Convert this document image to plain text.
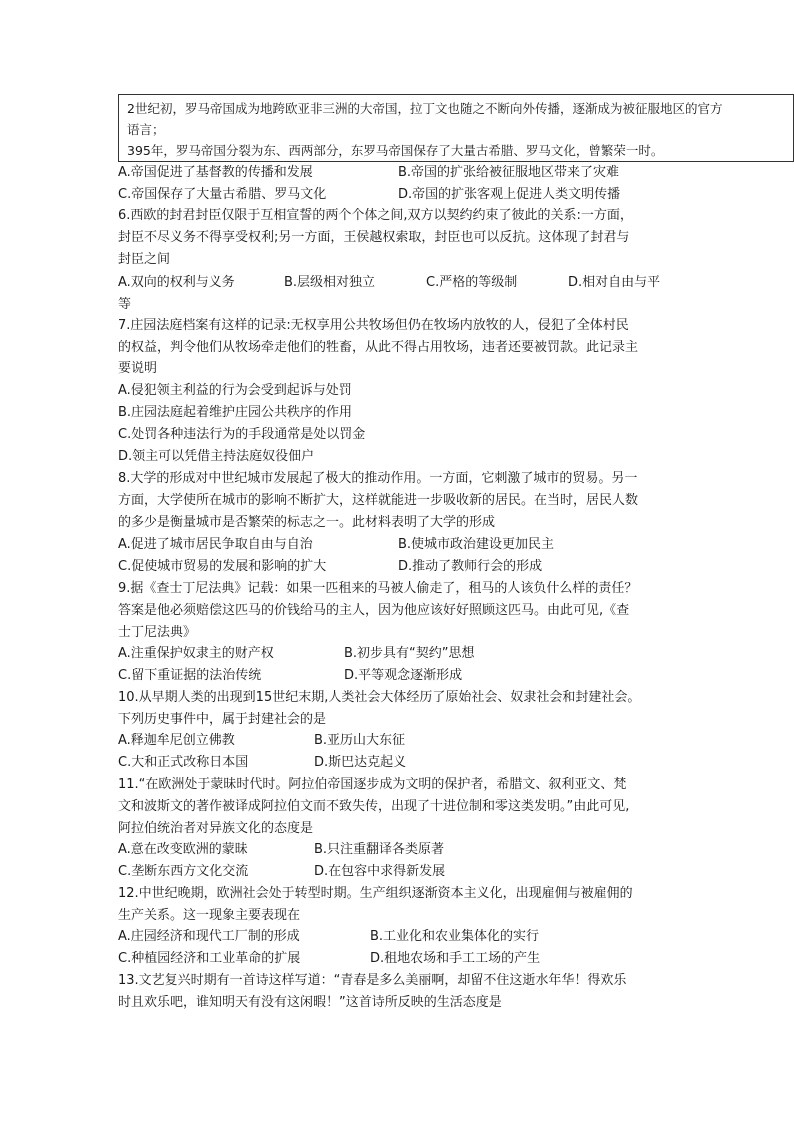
2世纪初，罗马帝国成为地跨欧亚非三洲的大帝国，拉丁文也随之不断向外传播，逐渐成为被征服地区的官方
语言；
395年，罗马帝国分裂为东、西两部分，东罗马帝国保存了大量古希腊、罗马文化，曾繁荣一时。
A.帝国促进了基督教的传播和发展	B.帝国的扩张给被征服地区带来了灾难
C.帝国保存了大量古希腊、罗马文化	D.帝国的扩张客观上促进人类文明传播
6.西欧的封君封臣仅限于互相宣誓的两个个体之间,双方以契约约束了彼此的关系:一方面，
封臣不尽义务不得享受权利;另一方面，王侯越权索取，封臣也可以反抗。这体现了封君与
封臣之间
A.双向的权利与义务	B.层级相对独立	C.严格的等级制	D.相对自由与平
等
7.庄园法庭档案有这样的记录:无权享用公共牧场但仍在牧场内放牧的人，侵犯了全体村民
的权益，判令他们从牧场牵走他们的牲畜，从此不得占用牧场，违者还要被罚款。此记录主
要说明
A.侵犯领主利益的行为会受到起诉与处罚
B.庄园法庭起着维护庄园公共秩序的作用
C.处罚各种违法行为的手段通常是处以罚金
D.领主可以凭借主持法庭奴役佃户
8.大学的形成对中世纪城市发展起了极大的推动作用。一方面，它刺激了城市的贸易。另一
方面，大学使所在城市的影响不断扩大，这样就能进一步吸收新的居民。在当时，居民人数
的多少是衡量城市是否繁荣的标志之一。此材料表明了大学的形成
A.促进了城市居民争取自由与自治	B.使城市政治建设更加民主
C.促使城市贸易的发展和影响的扩大	D.推动了教师行会的形成
9.据《查士丁尼法典》记载：如果一匹租来的马被人偷走了，租马的人该负什么样的责任？
答案是他必须赔偿这匹马的价钱给马的主人，因为他应该好好照顾这匹马。由此可见,《查
士丁尼法典》
A.注重保护奴隶主的财产权	B.初步具有“契约”思想
C.留下重证据的法治传统	D.平等观念逐渐形成
10.从早期人类的出现到15世纪末期,人类社会大体经历了原始社会、奴隶社会和封建社会。
下列历史事件中，属于封建社会的是
A.释迦牟尼创立佛教	B.亚历山大东征
C.大和正式改称日本国	D.斯巴达克起义
11.“在欧洲处于蒙昧时代时。阿拉伯帝国逐步成为文明的保护者，希腊文、叙利亚文、梵
文和波斯文的著作被译成阿拉伯文而不致失传，出现了十进位制和零这类发明。”由此可见,
阿拉伯统治者对异族文化的态度是
A.意在改变欧洲的蒙昧	B.只注重翻译各类原著
C.垄断东西方文化交流	D.在包容中求得新发展
12.中世纪晚期，欧洲社会处于转型时期。生产组织逐渐资本主义化，出现雇佣与被雇佣的
生产关系。这一现象主要表现在
A.庄园经济和现代工厂制的形成	B.工业化和农业集体化的实行
C.种植园经济和工业革命的扩展	D.租地农场和手工工场的产生
13.文艺复兴时期有一首诗这样写道：“青春是多么美丽啊，却留不住这逝水年华！得欢乐
时且欢乐吧，谁知明天有没有这闲暇！”这首诗所反映的生活态度是
